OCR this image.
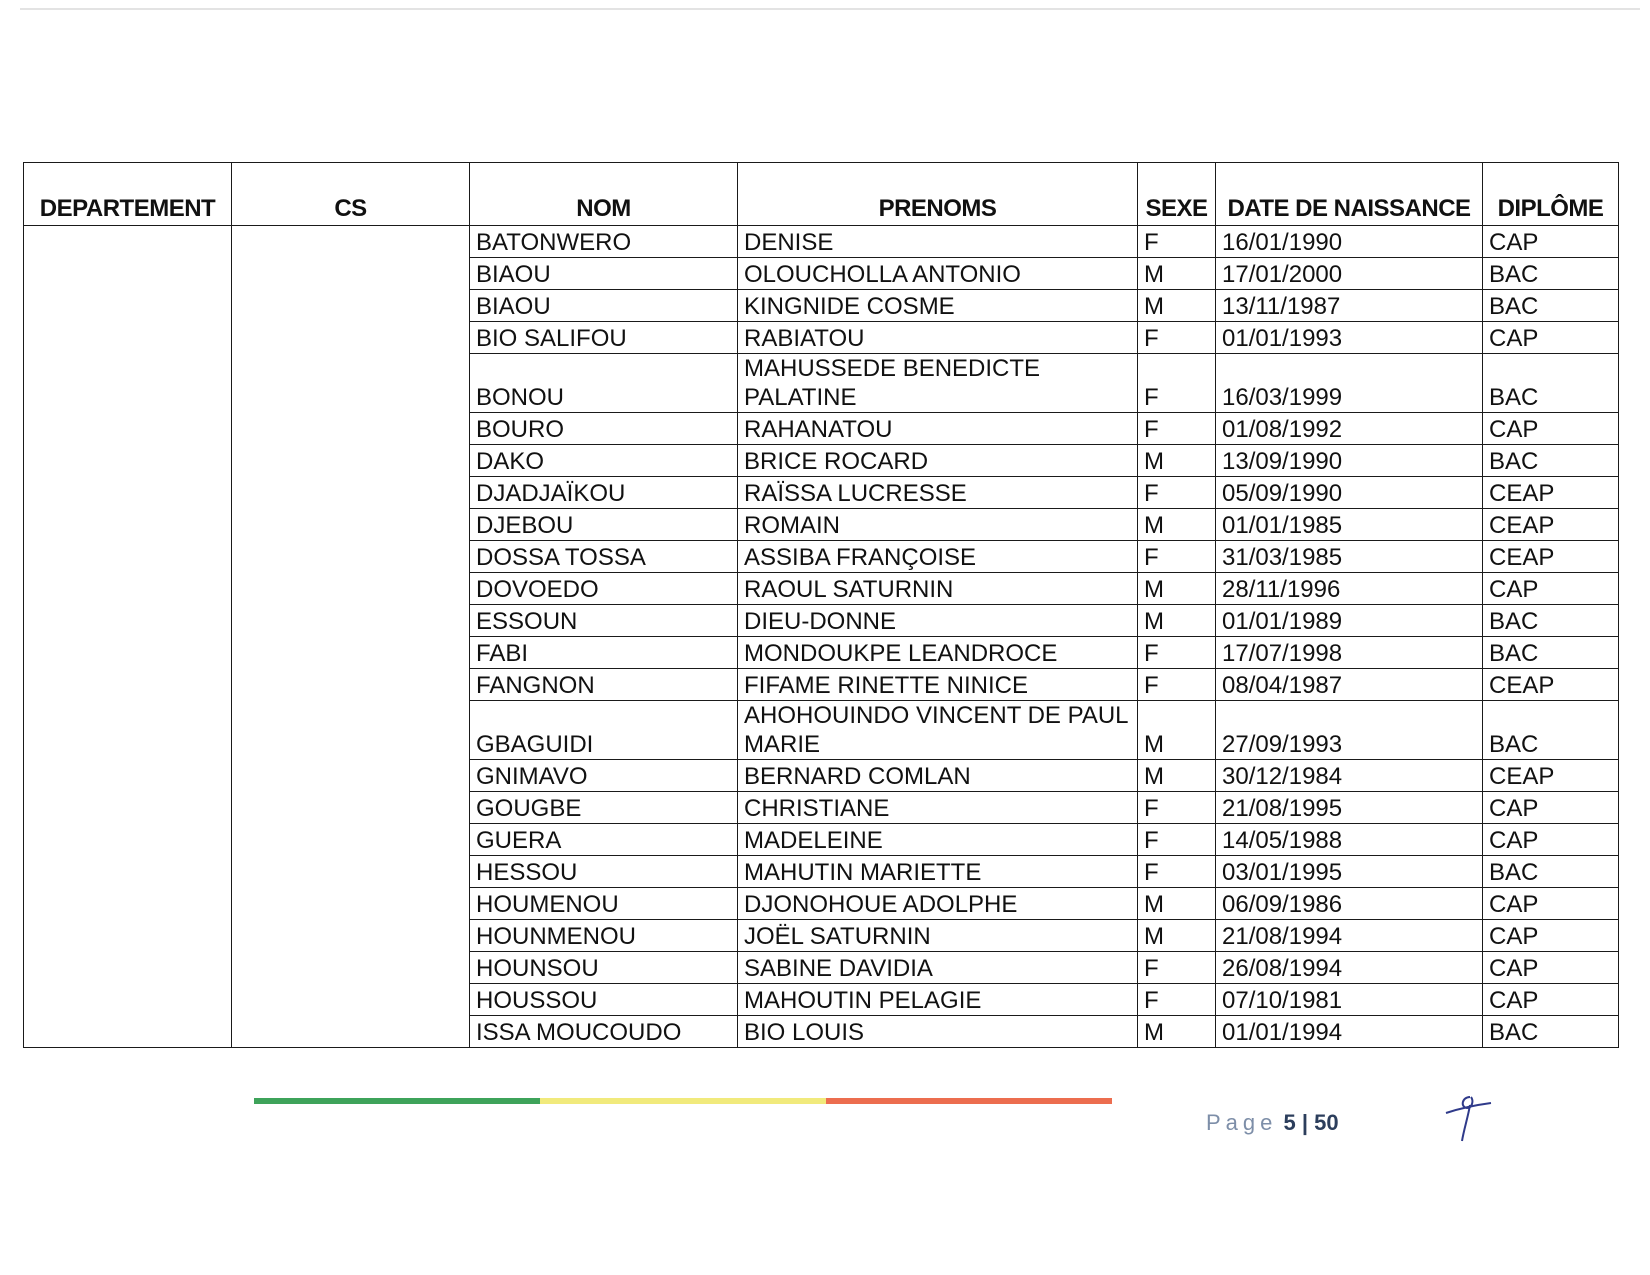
DEPARTEMENT	CS	NOM	PRENOMS	SEXE	DATE DE NAISSANCE	DIPLÔME
		BATONWERO	DENISE	F	16/01/1990	CAP
		BIAOU	OLOUCHOLLA ANTONIO	M	17/01/2000	BAC
		BIAOU	KINGNIDE COSME	M	13/11/1987	BAC
		BIO SALIFOU	RABIATOU	F	01/01/1993	CAP
		BONOU	MAHUSSEDE BENEDICTE PALATINE	F	16/03/1999	BAC
		BOURO	RAHANATOU	F	01/08/1992	CAP
		DAKO	BRICE ROCARD	M	13/09/1990	BAC
		DJADJAÏKOU	RAÏSSA LUCRESSE	F	05/09/1990	CEAP
		DJEBOU	ROMAIN	M	01/01/1985	CEAP
		DOSSA TOSSA	ASSIBA FRANÇOISE	F	31/03/1985	CEAP
		DOVOEDO	RAOUL SATURNIN	M	28/11/1996	CAP
		ESSOUN	DIEU-DONNE	M	01/01/1989	BAC
		FABI	MONDOUKPE LEANDROCE	F	17/07/1998	BAC
		FANGNON	FIFAME RINETTE NINICE	F	08/04/1987	CEAP
		GBAGUIDI	AHOHOUINDO VINCENT DE PAUL MARIE	M	27/09/1993	BAC
		GNIMAVO	BERNARD COMLAN	M	30/12/1984	CEAP
		GOUGBE	CHRISTIANE	F	21/08/1995	CAP
		GUERA	MADELEINE	F	14/05/1988	CAP
		HESSOU	MAHUTIN MARIETTE	F	03/01/1995	BAC
		HOUMENOU	DJONOHOUE ADOLPHE	M	06/09/1986	CAP
		HOUNMENOU	JOËL SATURNIN	M	21/08/1994	CAP
		HOUNSOU	SABINE DAVIDIA	F	26/08/1994	CAP
		HOUSSOU	MAHOUTIN PELAGIE	F	07/10/1981	CAP
		ISSA MOUCOUDO	BIO LOUIS	M	01/01/1994	BAC
Page 5 | 50
